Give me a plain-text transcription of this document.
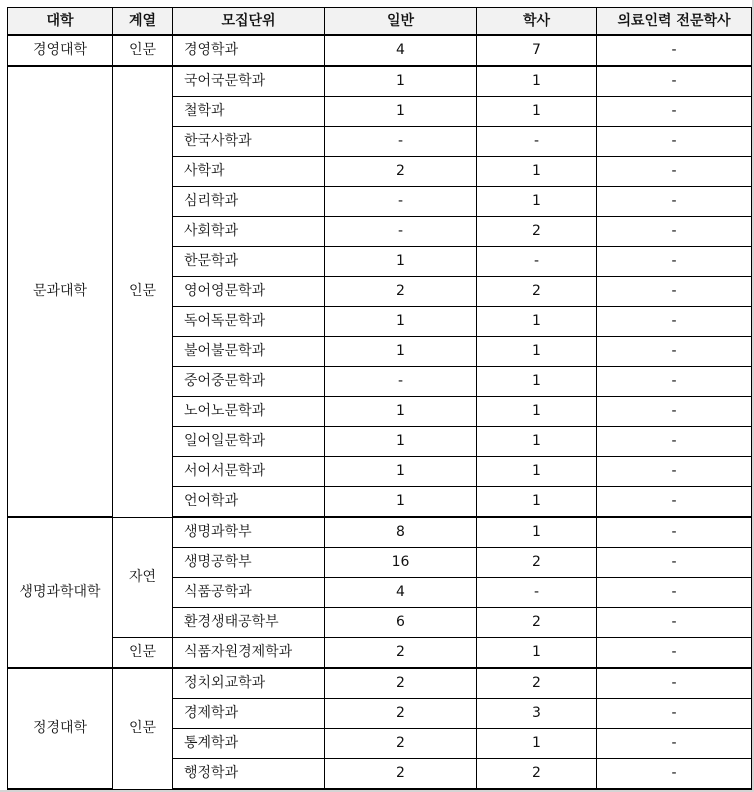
대학	계열	모집단위	일반	학사	의료인력 전문학사
경영대학	인문	경영학과	4	7	-
문과대학	인문	국어국문학과	1	1	-
		철학과	1	1	-
		한국사학과	-	-	-
		사학과	2	1	-
		심리학과	-	1	-
		사회학과	-	2	-
		한문학과	1	-	-
		영어영문학과	2	2	-
		독어독문학과	1	1	-
		불어불문학과	1	1	-
		중어중문학과	-	1	-
		노어노문학과	1	1	-
		일어일문학과	1	1	-
		서어서문학과	1	1	-
		언어학과	1	1	-
생명과학대학	자연	생명과학부	8	1	-
		생명공학부	16	2	-
		식품공학과	4	-	-
		환경생태공학부	6	2	-
	인문	식품자원경제학과	2	1	-
정경대학	인문	정치외교학과	2	2	-
		경제학과	2	3	-
		통계학과	2	1	-
		행정학과	2	2	-
